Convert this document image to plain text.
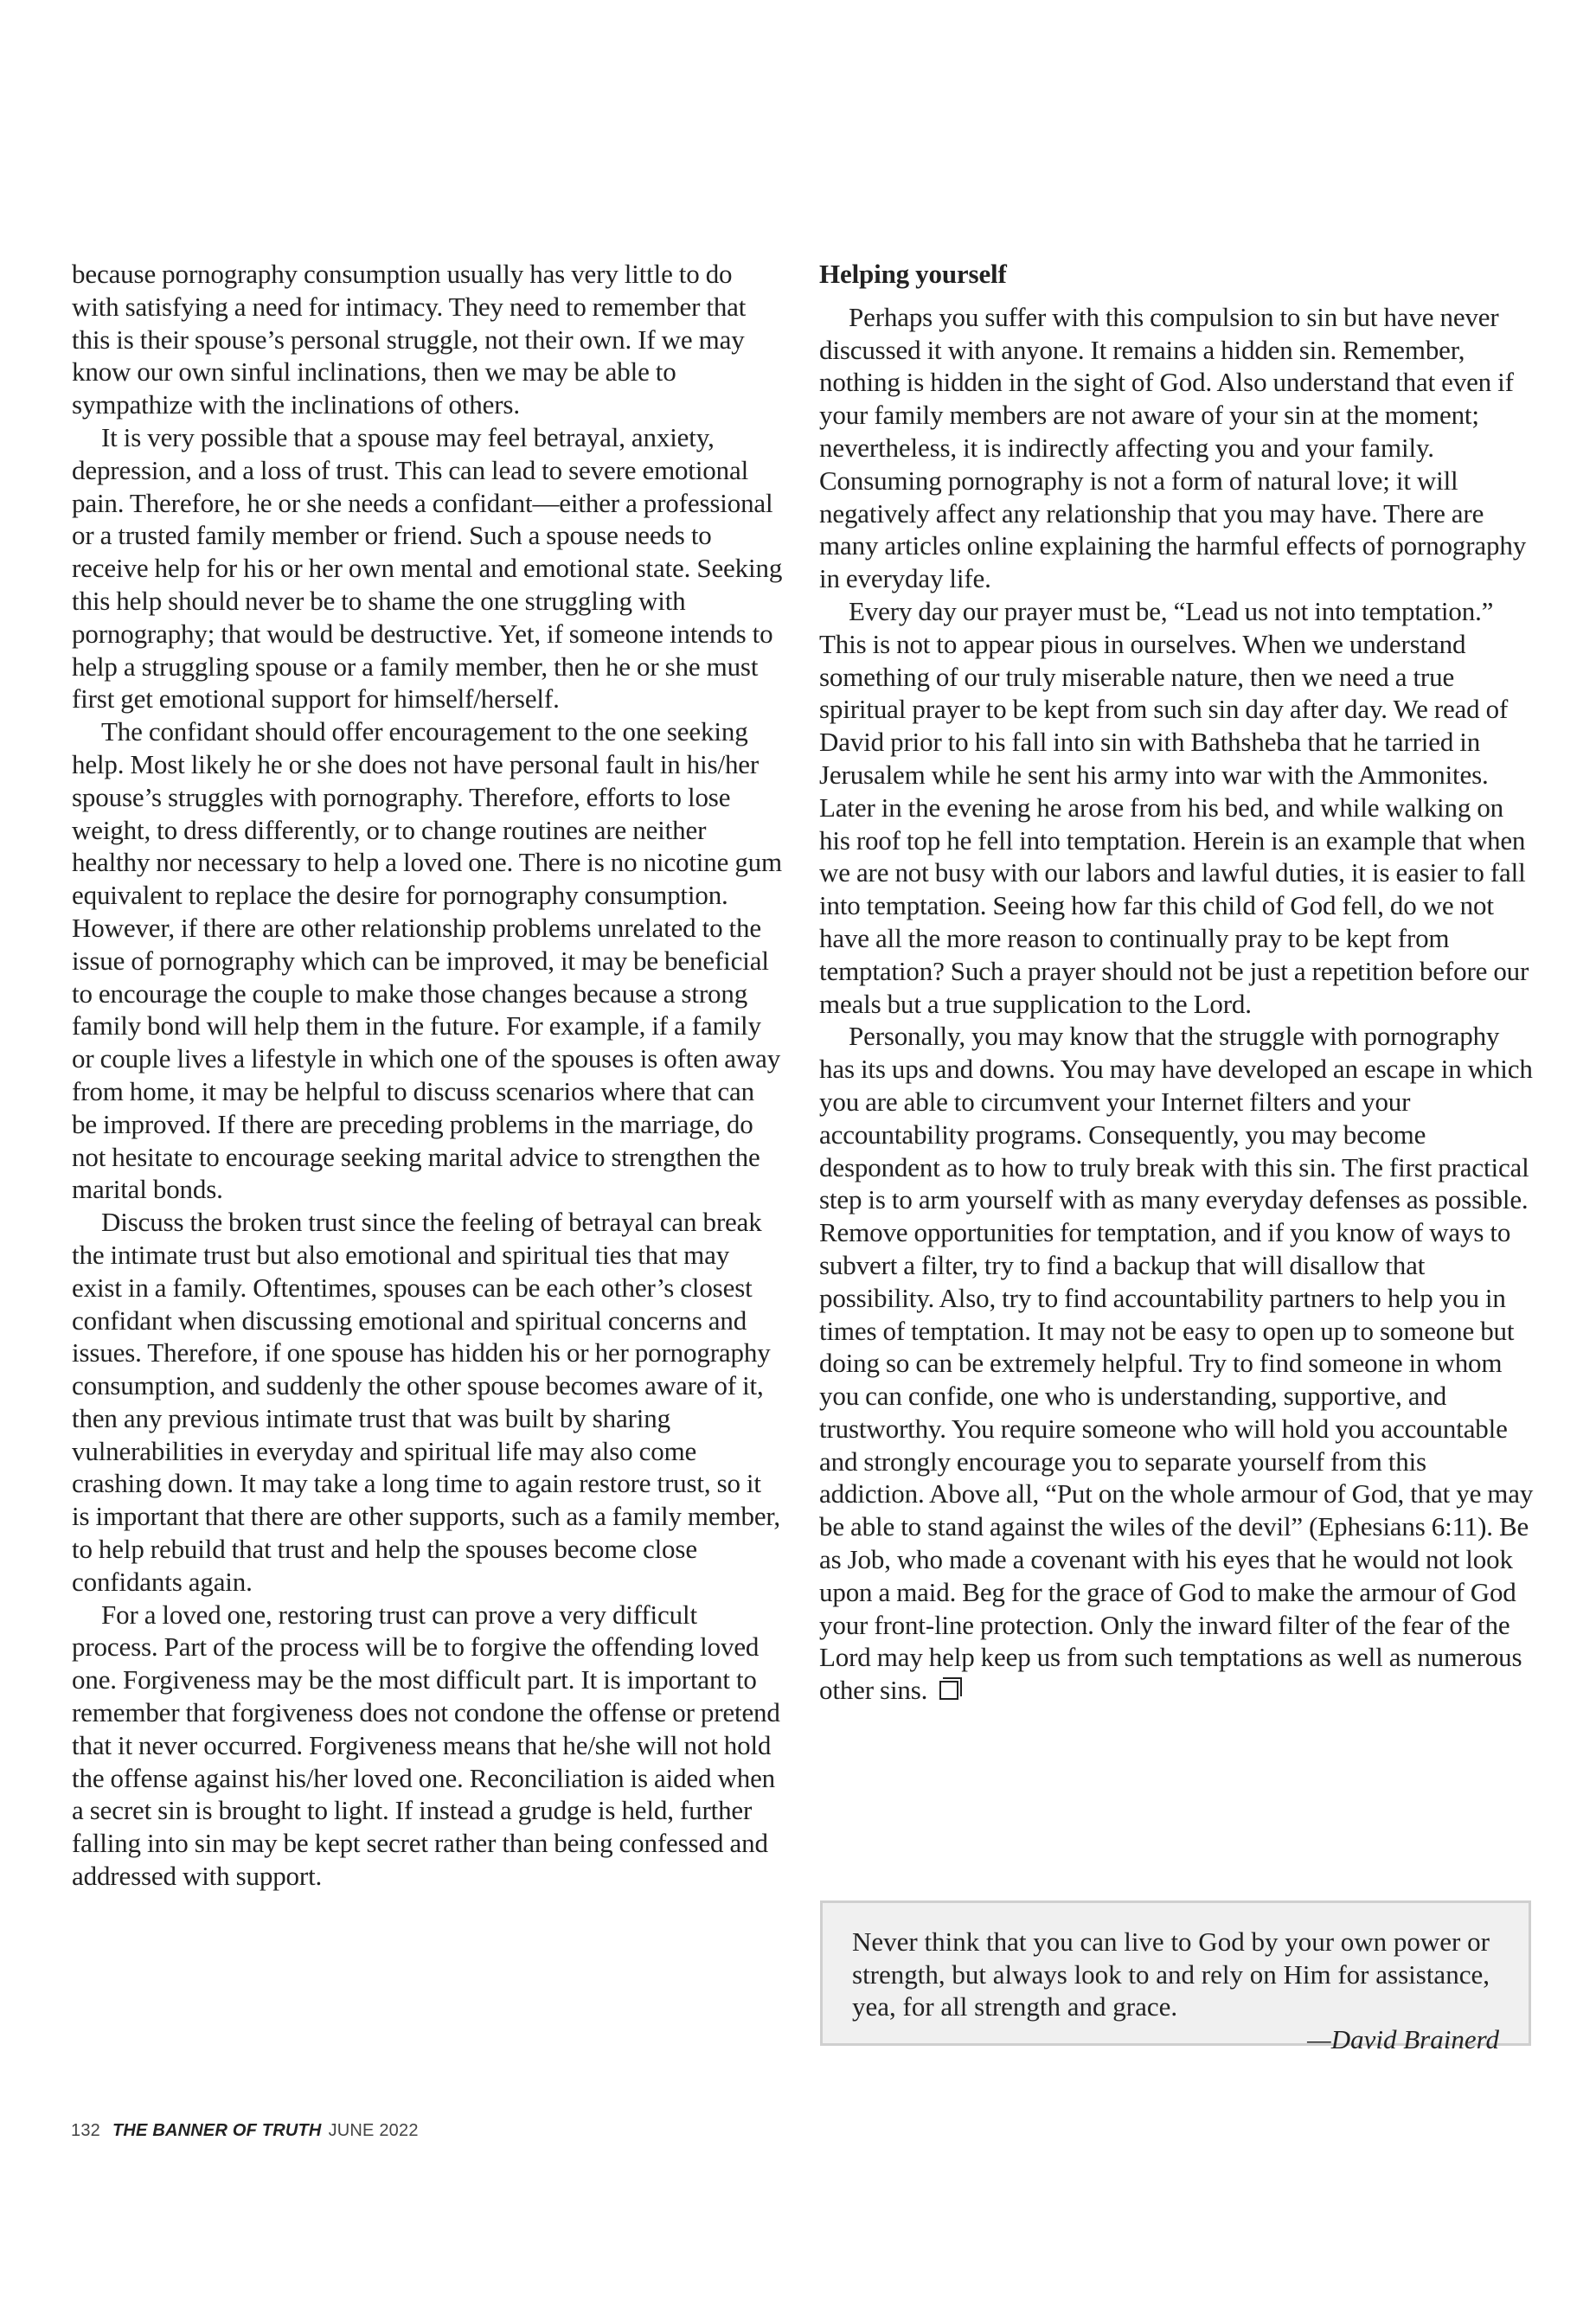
because pornography consumption usually has very little to do with satisfying a need for intimacy. They need to remember that this is their spouse’s personal struggle, not their own. If we may know our own sinful inclinations, then we may be able to sympathize with the inclinations of others.

It is very possible that a spouse may feel betrayal, anxiety, depression, and a loss of trust. This can lead to severe emotional pain. Therefore, he or she needs a confidant—either a professional or a trusted family member or friend. Such a spouse needs to receive help for his or her own mental and emotional state. Seeking this help should never be to shame the one struggling with pornography; that would be destructive. Yet, if someone intends to help a struggling spouse or a family member, then he or she must first get emotional support for himself/herself.

The confidant should offer encouragement to the one seeking help. Most likely he or she does not have personal fault in his/her spouse’s struggles with pornography. Therefore, efforts to lose weight, to dress differently, or to change routines are neither healthy nor necessary to help a loved one. There is no nicotine gum equivalent to replace the desire for pornography consumption. However, if there are other relationship problems unrelated to the issue of pornography which can be improved, it may be beneficial to encourage the couple to make those changes because a strong family bond will help them in the future. For example, if a family or couple lives a lifestyle in which one of the spouses is often away from home, it may be helpful to discuss scenarios where that can be improved. If there are preceding problems in the marriage, do not hesitate to encourage seeking marital advice to strengthen the marital bonds.

Discuss the broken trust since the feeling of betrayal can break the intimate trust but also emotional and spiritual ties that may exist in a family. Oftentimes, spouses can be each other’s closest confidant when discussing emotional and spiritual concerns and issues. Therefore, if one spouse has hidden his or her pornography consumption, and suddenly the other spouse becomes aware of it, then any previous intimate trust that was built by sharing vulnerabilities in everyday and spiritual life may also come crashing down. It may take a long time to again restore trust, so it is important that there are other supports, such as a family member, to help rebuild that trust and help the spouses become close confidants again.

For a loved one, restoring trust can prove a very difficult process. Part of the process will be to forgive the offending loved one. Forgiveness may be the most difficult part. It is important to remember that forgiveness does not condone the offense or pretend that it never occurred. Forgiveness means that he/she will not hold the offense against his/her loved one. Reconciliation is aided when a secret sin is brought to light. If instead a grudge is held, further falling into sin may be kept secret rather than being confessed and addressed with support.

Helping yourself

Perhaps you suffer with this compulsion to sin but have never discussed it with anyone. It remains a hidden sin. Remember, nothing is hidden in the sight of God. Also understand that even if your family members are not aware of your sin at the moment; nevertheless, it is indirectly affecting you and your family. Consuming pornography is not a form of natural love; it will negatively affect any relationship that you may have. There are many articles online explaining the harmful effects of pornography in everyday life.

Every day our prayer must be, “Lead us not into temptation.” This is not to appear pious in ourselves. When we understand something of our truly miserable nature, then we need a true spiritual prayer to be kept from such sin day after day. We read of David prior to his fall into sin with Bathsheba that he tarried in Jerusalem while he sent his army into war with the Ammonites. Later in the evening he arose from his bed, and while walking on his roof top he fell into temptation. Herein is an example that when we are not busy with our labors and lawful duties, it is easier to fall into temptation. Seeing how far this child of God fell, do we not have all the more reason to continually pray to be kept from temptation? Such a prayer should not be just a repetition before our meals but a true supplication to the Lord.

Personally, you may know that the struggle with pornography has its ups and downs. You may have developed an escape in which you are able to circumvent your Internet filters and your accountability programs. Consequently, you may become despondent as to how to truly break with this sin. The first practical step is to arm yourself with as many everyday defenses as possible. Remove opportunities for temptation, and if you know of ways to subvert a filter, try to find a backup that will disallow that possibility. Also, try to find accountability partners to help you in times of temptation. It may not be easy to open up to someone but doing so can be extremely helpful. Try to find someone in whom you can confide, one who is understanding, supportive, and trustworthy. You require someone who will hold you accountable and strongly encourage you to separate yourself from this addiction. Above all, “Put on the whole armour of God, that ye may be able to stand against the wiles of the devil” (Ephesians 6:11). Be as Job, who made a covenant with his eyes that he would not look upon a maid. Beg for the grace of God to make the armour of God your front-line protection. Only the inward filter of the fear of the Lord may help keep us from such temptations as well as numerous other sins.

Never think that you can live to God by your own power or strength, but always look to and rely on Him for assistance, yea, for all strength and grace.

—David Brainerd

132 THE BANNER OF TRUTH JUNE 2022
